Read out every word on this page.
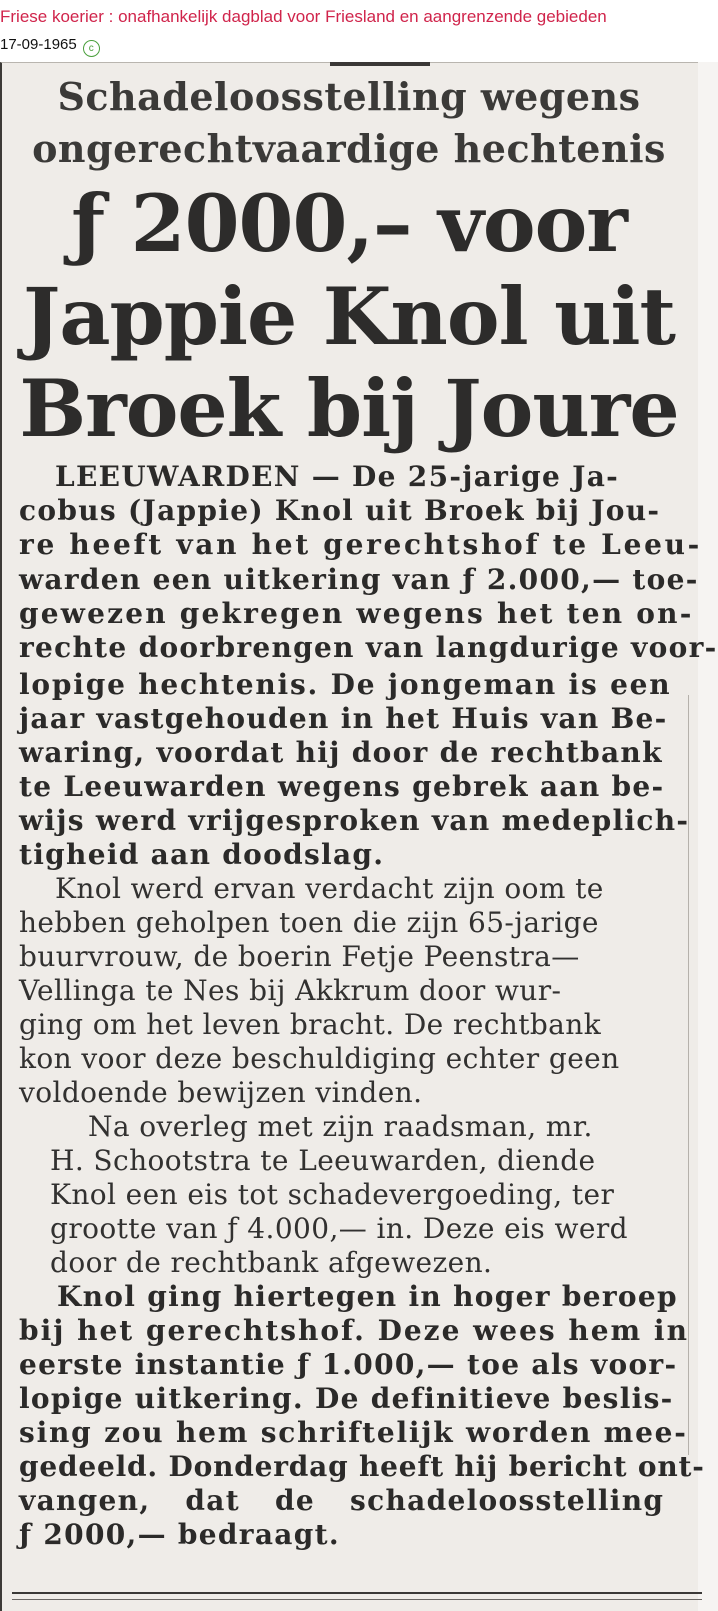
Friese koerier : onafhankelijk dagblad voor Friesland en aangrenzende gebieden
17-09-1965 c
Schadeloosstelling wegens
ongerechtvaardige hechtenis
ƒ 2000,– voor
Jappie Knol uit
Broek bij Joure
LEEUWARDEN — De 25-jarige Ja-
cobus (Jappie) Knol uit Broek bij Jou-
re heeft van het gerechtshof te Leeu-
warden een uitkering van ƒ 2.000,— toe-
gewezen gekregen wegens het ten on-
rechte doorbrengen van langdurige voor-
lopige hechtenis. De jongeman is een
jaar vastgehouden in het Huis van Be-
waring, voordat hij door de rechtbank
te Leeuwarden wegens gebrek aan be-
wijs werd vrijgesproken van medeplich-
tigheid aan doodslag.
Knol werd ervan verdacht zijn oom te
hebben geholpen toen die zijn 65-jarige
buurvrouw, de boerin Fetje Peenstra—
Vellinga te Nes bij Akkrum door wur-
ging om het leven bracht. De rechtbank
kon voor deze beschuldiging echter geen
voldoende bewijzen vinden.
Na overleg met zijn raadsman, mr.
H. Schootstra te Leeuwarden, diende
Knol een eis tot schadevergoeding, ter
grootte van ƒ 4.000,— in. Deze eis werd
door de rechtbank afgewezen.
Knol ging hiertegen in hoger beroep
bij het gerechtshof. Deze wees hem in
eerste instantie ƒ 1.000,— toe als voor-
lopige uitkering. De definitieve beslis-
sing zou hem schriftelijk worden mee-
gedeeld. Donderdag heeft hij bericht ont-
vangen, dat de schadeloosstelling
ƒ 2000,— bedraagt.
